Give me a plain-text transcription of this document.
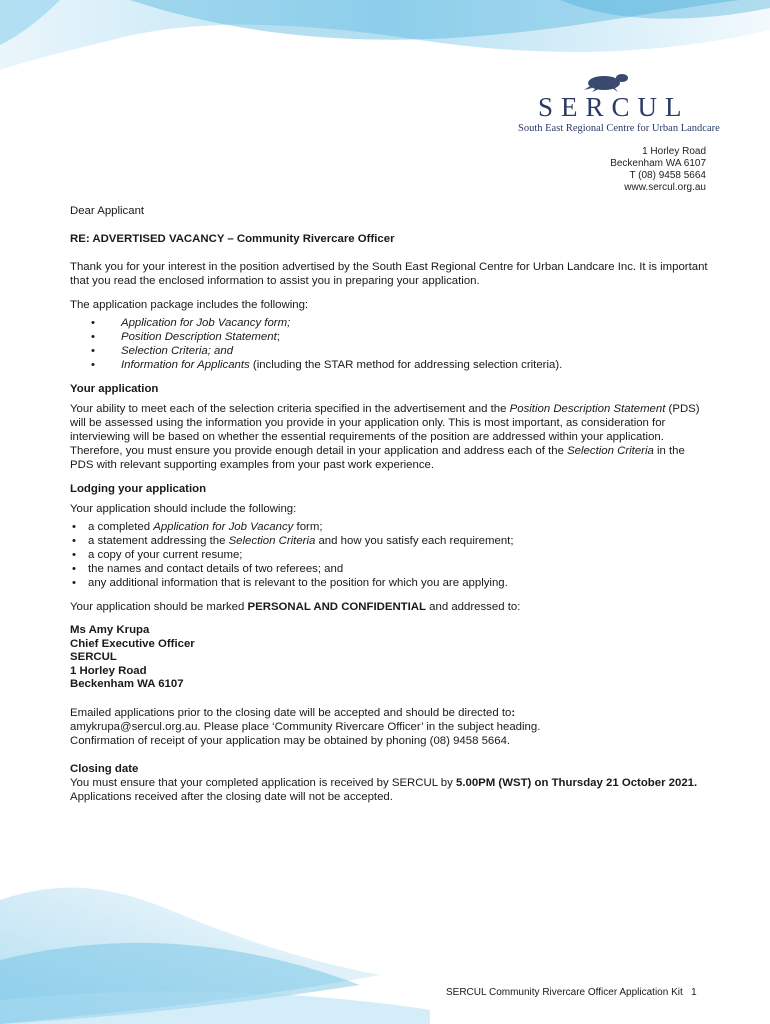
SERCUL
South East Regional Centre for Urban Landcare
1 Horley Road
Beckenham WA 6107
T (08) 9458 5664
www.sercul.org.au

Dear Applicant

RE: ADVERTISED VACANCY – Community Rivercare Officer

Thank you for your interest in the position advertised by the South East Regional Centre for Urban Landcare Inc. It is important that you read the enclosed information to assist you in preparing your application.

The application package includes the following:

• Application for Job Vacancy form;
• Position Description Statement;
• Selection Criteria; and
• Information for Applicants (including the STAR method for addressing selection criteria).

Your application

Your ability to meet each of the selection criteria specified in the advertisement and the Position Description Statement (PDS) will be assessed using the information you provide in your application only. This is most important, as consideration for interviewing will be based on whether the essential requirements of the position are addressed within your application. Therefore, you must ensure you provide enough detail in your application and address each of the Selection Criteria in the PDS with relevant supporting examples from your past work experience.

Lodging your application

Your application should include the following:

• a completed Application for Job Vacancy form;
• a statement addressing the Selection Criteria and how you satisfy each requirement;
• a copy of your current resume;
• the names and contact details of two referees; and
• any additional information that is relevant to the position for which you are applying.

Your application should be marked PERSONAL AND CONFIDENTIAL and addressed to:

Ms Amy Krupa
Chief Executive Officer
SERCUL
1 Horley Road
Beckenham WA 6107

Emailed applications prior to the closing date will be accepted and should be directed to:
amykrupa@sercul.org.au. Please place ‘Community Rivercare Officer’ in the subject heading.
Confirmation of receipt of your application may be obtained by phoning (08) 9458 5664.

Closing date

You must ensure that your completed application is received by SERCUL by 5.00PM (WST) on Thursday 21 October 2021. Applications received after the closing date will not be accepted.

SERCUL Community Rivercare Officer Application Kit 1
